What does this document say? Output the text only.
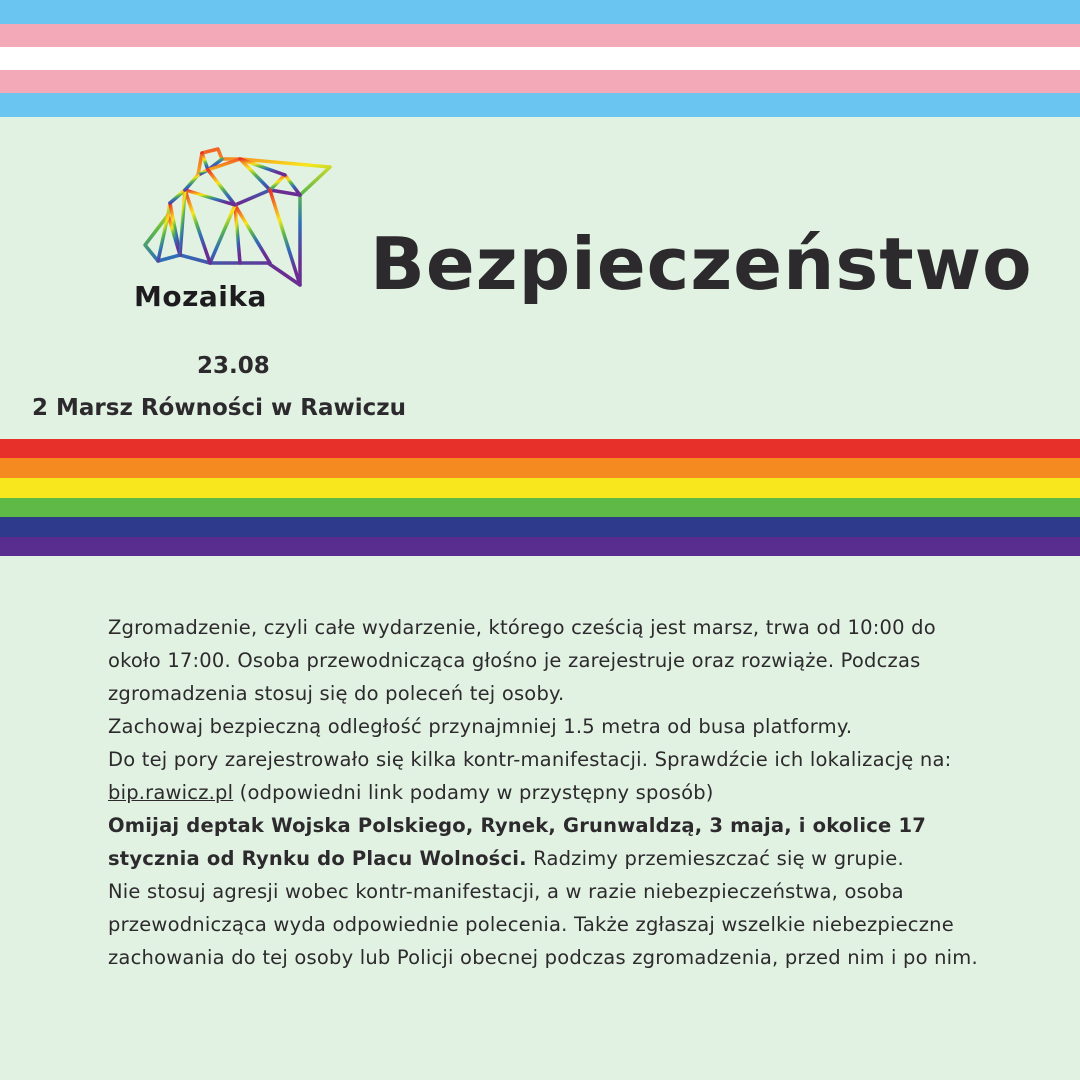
Mozaika Bezpieczeństwo
23.08
2 Marsz Równości w Rawiczu

Zgromadzenie, czyli całe wydarzenie, którego cześcią jest marsz, trwa od 10:00 do około 17:00. Osoba przewodnicząca głośno je zarejestruje oraz rozwiąże. Podczas zgromadzenia stosuj się do poleceń tej osoby.

Zachowaj bezpieczną odległość przynajmniej 1.5 metra od busa platformy.

Do tej pory zarejestrowało się kilka kontr-manifestacji. Sprawdźcie ich lokalizację na:

bip.rawicz.pl (odpowiedni link podamy w przystępny sposób)

Omijaj deptak Wojska Polskiego, Rynek, Grunwaldzą, 3 maja, i okolice 17 stycznia od Rynku do Placu Wolności. Radzimy przemieszczać się w grupie.

Nie stosuj agresji wobec kontr-manifestacji, a w razie niebezpieczeństwa, osoba przewodnicząca wyda odpowiednie polecenia. Także zgłaszaj wszelkie niebezpieczne zachowania do tej osoby lub Policji obecnej podczas zgromadzenia, przed nim i po nim.
